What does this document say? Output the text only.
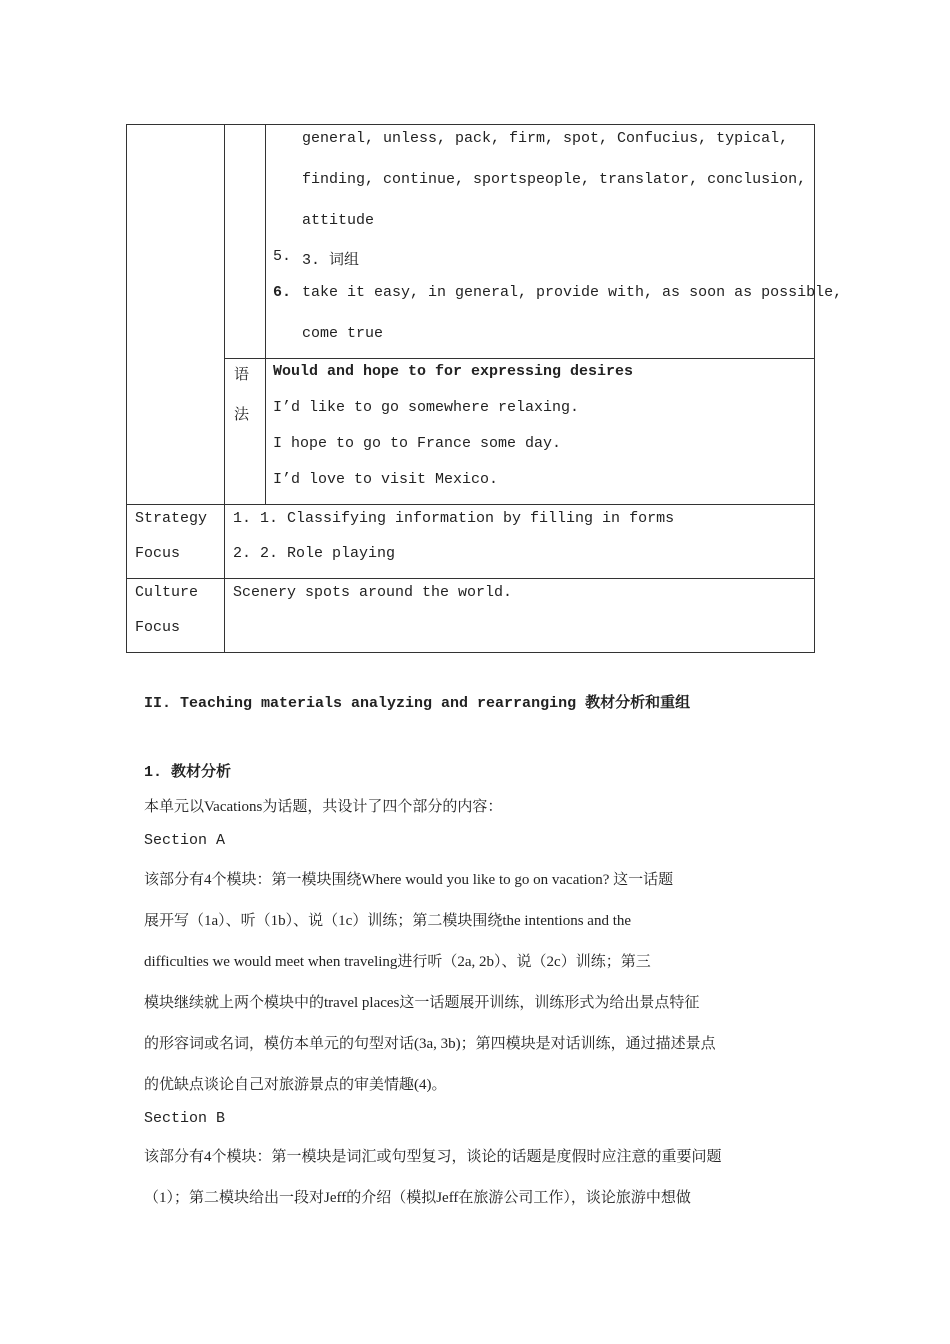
general, unless, pack, firm, spot, Confucius, typical,
finding, continue, sportspeople, translator, conclusion,
attitude
5. 3. 词组
6. take it easy, in general, provide with, as soon as possible,
come true
语
法
Would and hope to for expressing desires
I’d like to go somewhere relaxing.
I hope to go to France some day.
I’d love to visit Mexico.
Strategy
Focus
1. 1. Classifying information by filling in forms
2. 2. Role playing
Culture
Focus
Scenery spots around the world.
II. Teaching materials analyzing and rearranging 教材分析和重组
1. 教材分析
本单元以Vacations为话题，共设计了四个部分的内容：
Section A
该部分有4个模块：第一模块围绕Where would you like to go on vacation? 这一话题
展开写（1a）、听（1b）、说（1c）训练；第二模块围绕the intentions and the
difficulties we would meet when traveling进行听（2a, 2b）、说（2c）训练；第三
模块继续就上两个模块中的travel places这一话题展开训练，训练形式为给出景点特征
的形容词或名词，模仿本单元的句型对话(3a, 3b)；第四模块是对话训练，通过描述景点
的优缺点谈论自己对旅游景点的审美情趣(4)。
Section B
该部分有4个模块：第一模块是词汇或句型复习，谈论的话题是度假时应注意的重要问题
（1）；第二模块给出一段对Jeff的介绍（模拟Jeff在旅游公司工作），谈论旅游中想做
